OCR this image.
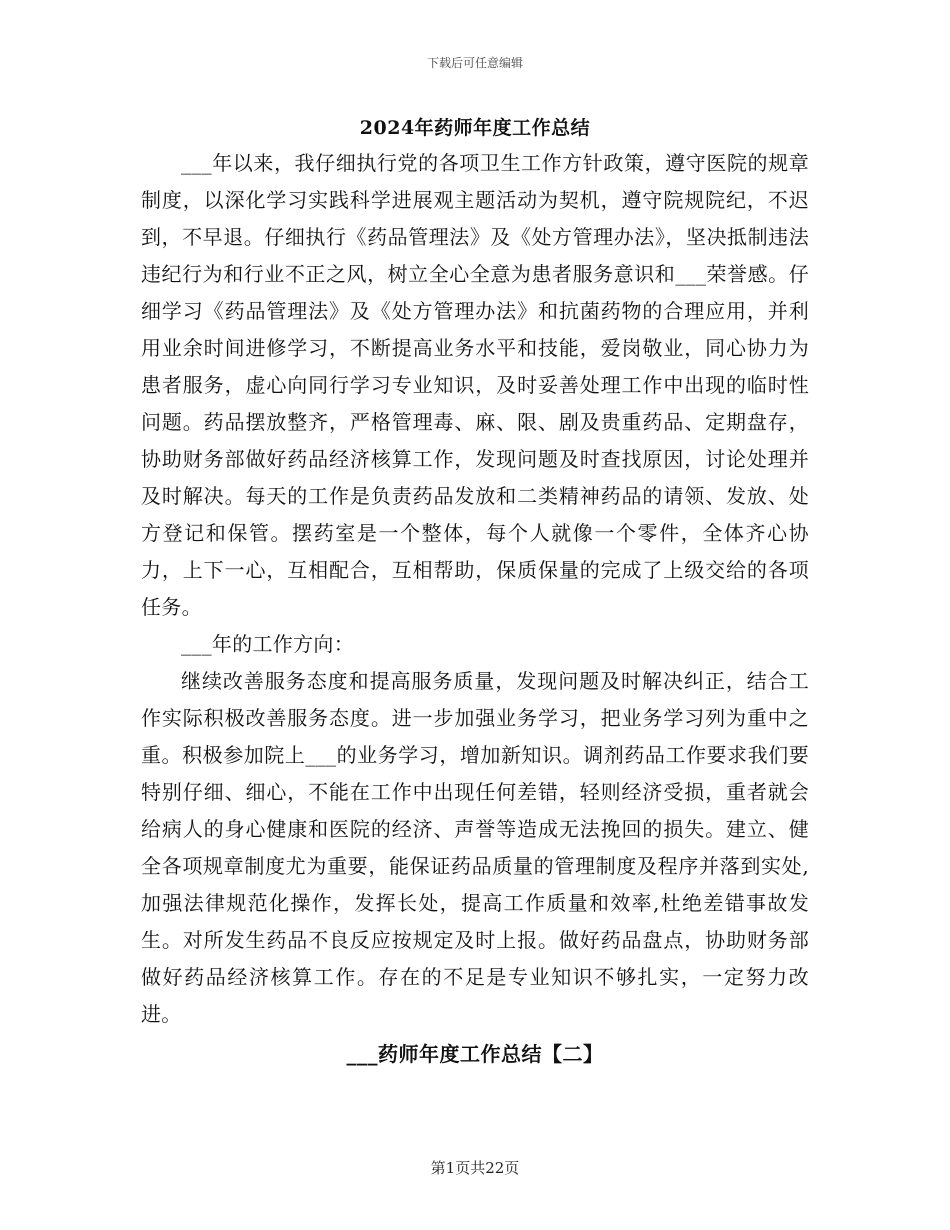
下载后可任意编辑
2024年药师年度工作总结

___年以来，我仔细执行党的各项卫生工作方针政策，遵守医院的规章制度，以深化学习实践科学进展观主题活动为契机，遵守院规院纪，不迟到，不早退。仔细执行《药品管理法》及《处方管理办法》，坚决抵制违法违纪行为和行业不正之风，树立全心全意为患者服务意识和___荣誉感。仔细学习《药品管理法》及《处方管理办法》和抗菌药物的合理应用，并利用业余时间进修学习，不断提高业务水平和技能，爱岗敬业，同心协力为患者服务，虚心向同行学习专业知识，及时妥善处理工作中出现的临时性问题。药品摆放整齐，严格管理毒、麻、限、剧及贵重药品、定期盘存，协助财务部做好药品经济核算工作，发现问题及时查找原因，讨论处理并及时解决。每天的工作是负责药品发放和二类精神药品的请领、发放、处方登记和保管。摆药室是一个整体，每个人就像一个零件，全体齐心协力，上下一心，互相配合，互相帮助，保质保量的完成了上级交给的各项任务。

___年的工作方向：

继续改善服务态度和提高服务质量，发现问题及时解决纠正，结合工作实际积极改善服务态度。进一步加强业务学习，把业务学习列为重中之重。积极参加院上___的业务学习，增加新知识。调剂药品工作要求我们要特别仔细、细心，不能在工作中出现任何差错，轻则经济受损，重者就会给病人的身心健康和医院的经济、声誉等造成无法挽回的损失。建立、健全各项规章制度尤为重要，能保证药品质量的管理制度及程序并落到实处,加强法律规范化操作，发挥长处，提高工作质量和效率,杜绝差错事故发生。对所发生药品不良反应按规定及时上报。做好药品盘点，协助财务部做好药品经济核算工作。存在的不足是专业知识不够扎实，一定努力改进。

___药师年度工作总结【二】
第1页共22页
